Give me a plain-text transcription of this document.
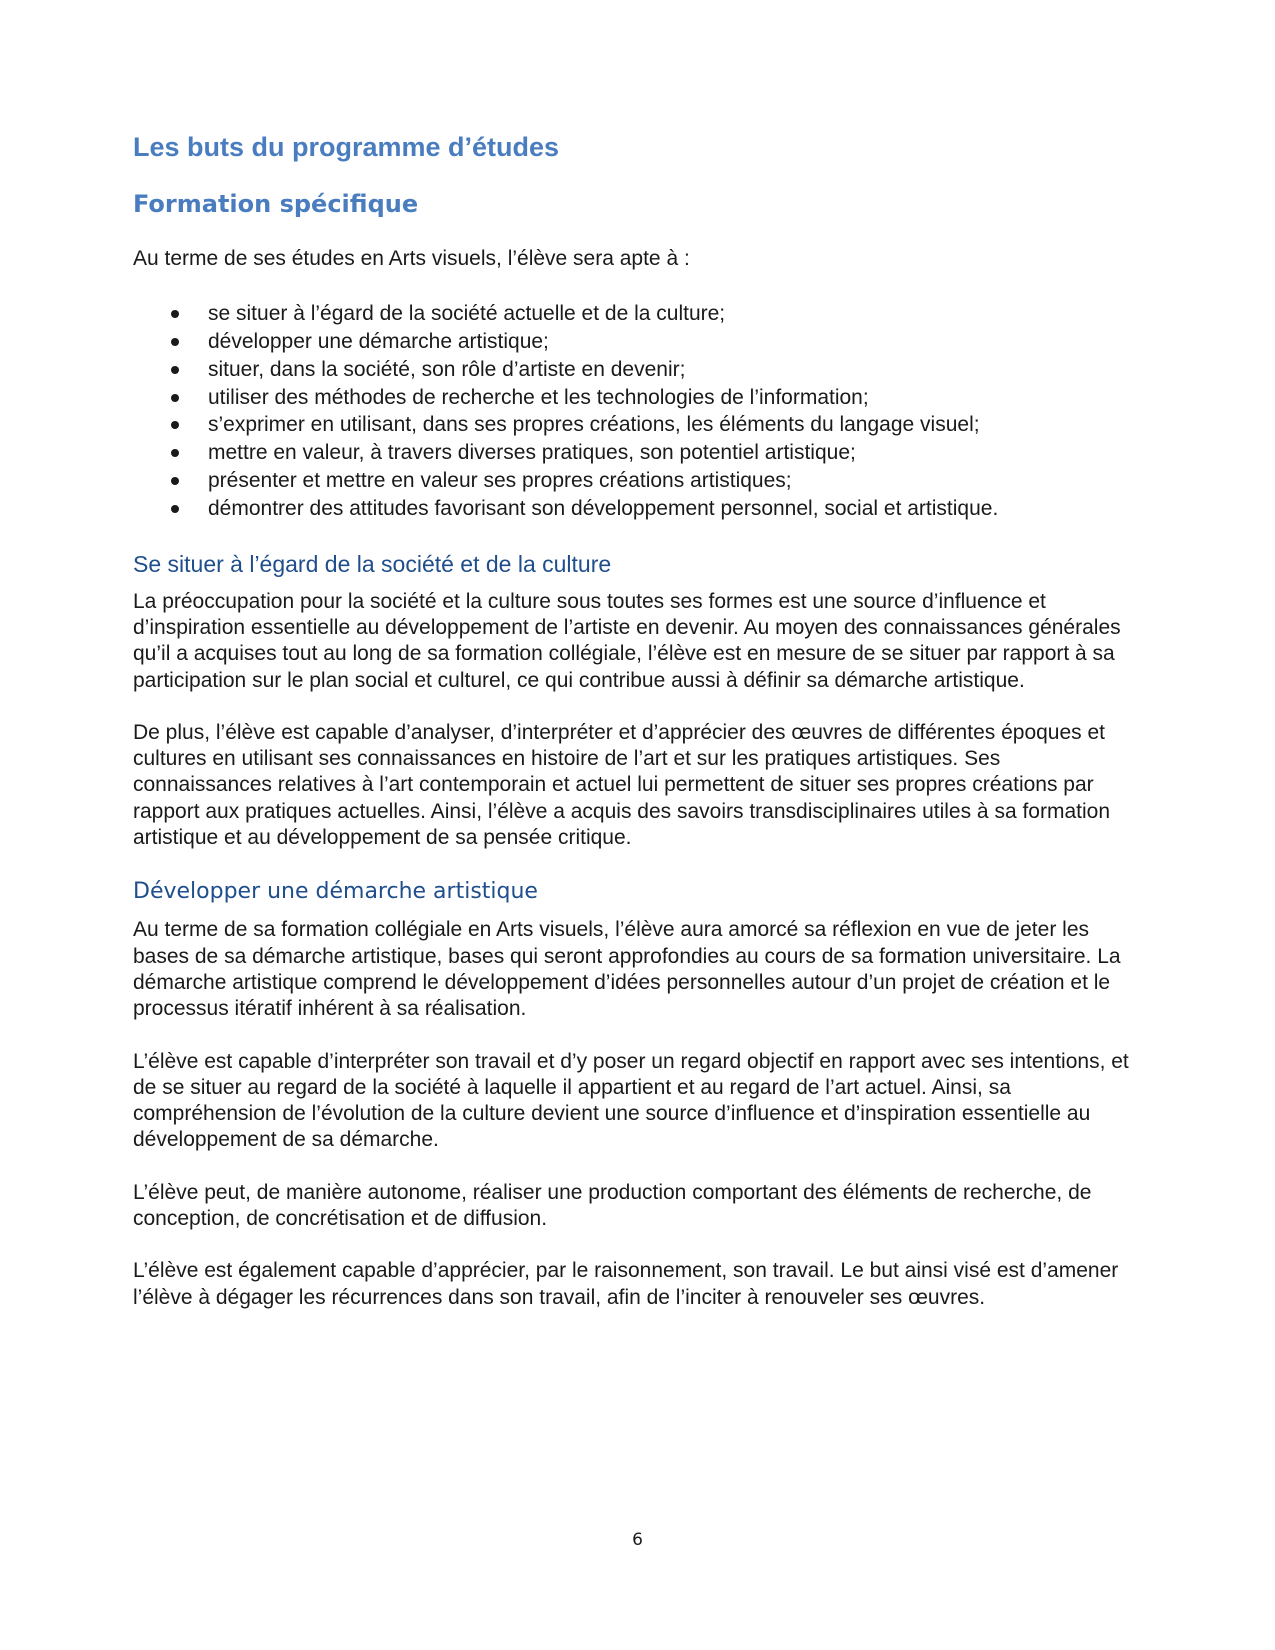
Les buts du programme d’études
Formation spécifique

Au terme de ses études en Arts visuels, l’élève sera apte à :

se situer à l’égard de la société actuelle et de la culture;
développer une démarche artistique;
situer, dans la société, son rôle d’artiste en devenir;
utiliser des méthodes de recherche et les technologies de l’information;
s’exprimer en utilisant, dans ses propres créations, les éléments du langage visuel;
mettre en valeur, à travers diverses pratiques, son potentiel artistique;
présenter et mettre en valeur ses propres créations artistiques;
démontrer des attitudes favorisant son développement personnel, social et artistique.
Se situer à l’égard de la société et de la culture

La préoccupation pour la société et la culture sous toutes ses formes est une source d’influence et d’inspiration essentielle au développement de l’artiste en devenir. Au moyen des connaissances générales qu’il a acquises tout au long de sa formation collégiale, l’élève est en mesure de se situer par rapport à sa participation sur le plan social et culturel, ce qui contribue aussi à définir sa démarche artistique.

De plus, l’élève est capable d’analyser, d’interpréter et d’apprécier des œuvres de différentes époques et cultures en utilisant ses connaissances en histoire de l’art et sur les pratiques artistiques. Ses connaissances relatives à l’art contemporain et actuel lui permettent de situer ses propres créations par rapport aux pratiques actuelles. Ainsi, l’élève a acquis des savoirs transdisciplinaires utiles à sa formation artistique et au développement de sa pensée critique.

Développer une démarche artistique

Au terme de sa formation collégiale en Arts visuels, l’élève aura amorcé sa réflexion en vue de jeter les bases de sa démarche artistique, bases qui seront approfondies au cours de sa formation universitaire. La démarche artistique comprend le développement d’idées personnelles autour d’un projet de création et le processus itératif inhérent à sa réalisation.

L’élève est capable d’interpréter son travail et d’y poser un regard objectif en rapport avec ses intentions, et de se situer au regard de la société à laquelle il appartient et au regard de l’art actuel. Ainsi, sa compréhension de l’évolution de la culture devient une source d’influence et d’inspiration essentielle au développement de sa démarche.

L’élève peut, de manière autonome, réaliser une production comportant des éléments de recherche, de conception, de concrétisation et de diffusion.

L’élève est également capable d’apprécier, par le raisonnement, son travail. Le but ainsi visé est d’amener l’élève à dégager les récurrences dans son travail, afin de l’inciter à renouveler ses œuvres.

6
